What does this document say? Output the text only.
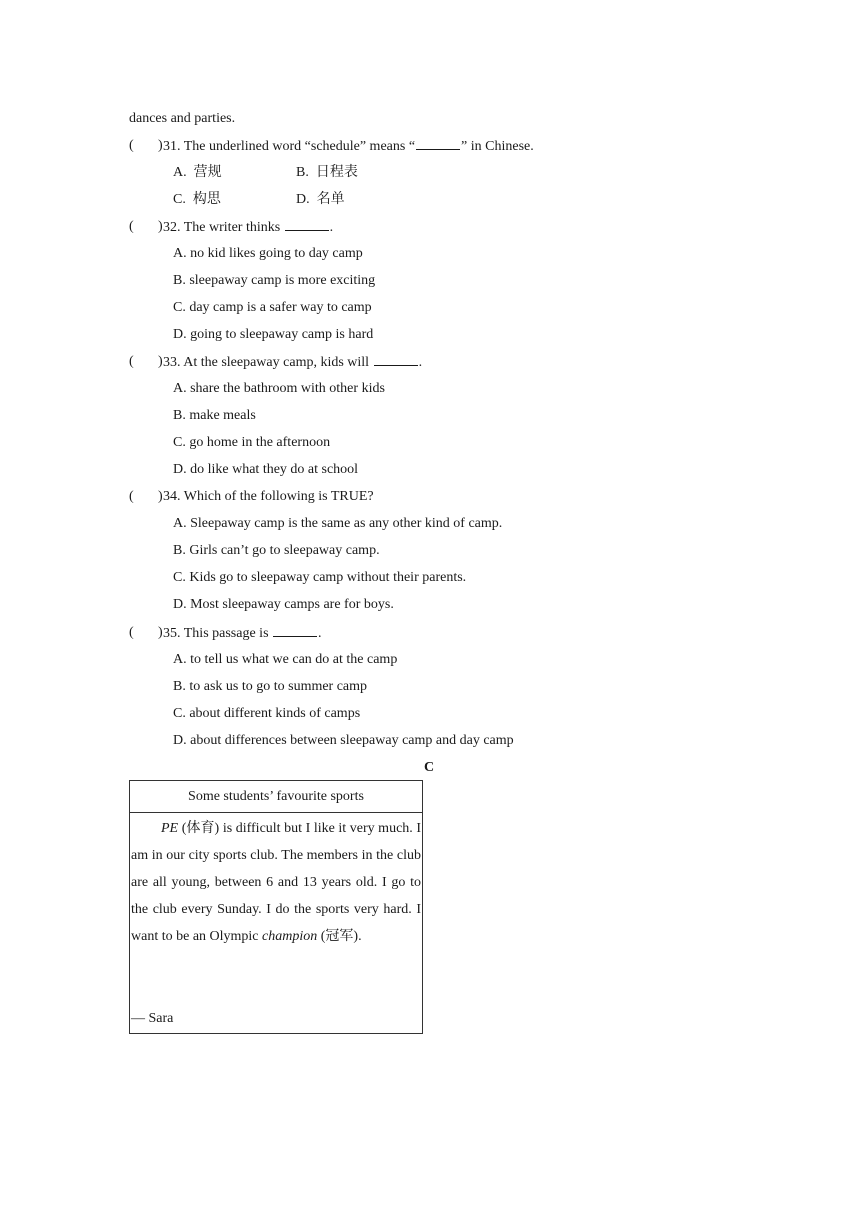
dances and parties.
( ) 31. The underlined word “schedule” means “	” in Chinese.
A. 营规	B. 日程表
C. 构思	D. 名单
( ) 32. The writer thinks	.
A. no kid likes going to day camp
B. sleepaway camp is more exciting
C. day camp is a safer way to camp
D. going to sleepaway camp is hard
( ) 33. At the sleepaway camp, kids will	.
A. share the bathroom with other kids
B. make meals
C. go home in the afternoon
D. do like what they do at school
( ) 34. Which of the following is TRUE?
A. Sleepaway camp is the same as any other kind of camp.
B. Girls can’t go to sleepaway camp.
C. Kids go to sleepaway camp without their parents.
D. Most sleepaway camps are for boys.
( ) 35. This passage is	.
A. to tell us what we can do at the camp
B. to ask us to go to summer camp
C. about different kinds of camps
D. about differences between sleepaway camp and day camp
C
Some students’ favourite sports

PE (体育) is difficult but I like it very much. I am in our city sports club. The members in the club are all young, between 6 and 13 years old. I go to the club every Sunday. I do the sports very hard. I want to be an Olympic champion (冠军).

— Sara
